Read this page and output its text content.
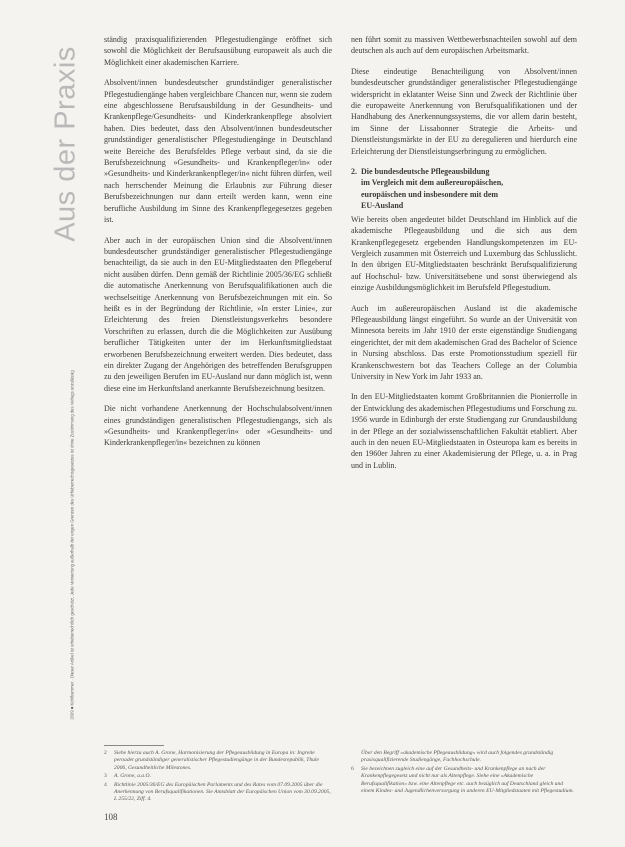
Aus der Praxis
2009 ■ Kohlhammer · Dieser Artikel ist urheberrechtlich geschützt. Jede Verwertung außerhalb der engen Grenzen des Urheberrechtsgesetzes ist ohne Zustimmung des Verlags unzulässig

ständig praxisqualifizierenden Pflegestudiengänge eröffnet sich sowohl die Möglichkeit der Berufsausübung europaweit als auch die Möglichkeit einer akademischen Karriere.

Absolvent/innen bundesdeutscher grundständiger generalistischer Pflegestudiengänge haben vergleichbare Chancen nur, wenn sie zudem eine abgeschlossene Berufsausbildung in der Gesundheits- und Krankenpflege/Gesundheits- und Kinderkrankenpflege absolviert haben. Dies bedeutet, dass den Absolvent/innen bundesdeutscher grundständiger generalistischer Pflegestudiengänge in Deutschland weite Bereiche des Berufsfeldes Pflege verbaut sind, da sie die Berufsbezeichnung »Gesundheits- und Krankenpfleger/in« oder »Gesundheits- und Kinderkrankenpfleger/in« nicht führen dürfen, weil nach herrschender Meinung die Erlaubnis zur Führung dieser Berufsbezeichnungen nur dann erteilt werden kann, wenn eine berufliche Ausbildung im Sinne des Krankenpflegegesetzes gegeben ist.

Aber auch in der europäischen Union sind die Absolvent/innen bundesdeutscher grundständiger generalistischer Pflegestudiengänge benachteiligt, da sie auch in den EU-Mitgliedstaaten den Pflegeberuf nicht ausüben dürfen. Denn gemäß der Richtlinie 2005/36/EG schließt die automatische Anerkennung von Berufsqualifikationen auch die wechselseitige Anerkennung von Berufsbezeichnungen mit ein. So heißt es in der Begründung der Richtlinie, »In erster Linie«, zur Erleichterung des freien Dienstleistungsverkehrs besondere Vorschriften zu erlassen, durch die die Möglichkeiten zur Ausübung beruflicher Tätigkeiten unter der im Herkunftsmitgliedstaat erworbenen Berufsbezeichnung erweitert werden. Dies bedeutet, dass ein direkter Zugang der Angehörigen des betreffenden Berufsgruppen zu den jeweiligen Berufen im EU-Ausland nur dann möglich ist, wenn diese eine im Herkunftsland anerkannte Berufsbezeichnung besitzen.

Die nicht vorhandene Anerkennung der Hochschulabsolvent/innen eines grundständigen generalistischen Pflegestudiengangs, sich als »Gesundheits- und Krankenpfleger/in« oder »Gesundheits- und Kinderkrankenpfleger/in« bezeichnen zu können

nen führt somit zu massiven Wettbewerbsnachteilen sowohl auf dem deutschen als auch auf dem europäischen Arbeitsmarkt.

Diese eindeutige Benachteiligung von Absolvent/innen bundesdeutscher grundständiger generalistischer Pflegestudiengänge widerspricht in eklatanter Weise Sinn und Zweck der Richtlinie über die europaweite Anerkennung von Berufsqualifikationen und der Handhabung des Anerkennungssystems, die vor allem darin besteht, im Sinne der Lissabonner Strategie die Arbeits- und Dienstleistungsmärkte in der EU zu deregulieren und hierdurch eine Erleichterung der Dienstleistungserbringung zu ermöglichen.

2. Die bundesdeutsche Pflegeausbildung
im Vergleich mit dem außereuropäischen,
europäischen und insbesondere mit dem
EU-Ausland

Wie bereits oben angedeutet bildet Deutschland im Hinblick auf die akademische Pflegeausbildung und die sich aus dem Krankenpflegegesetz ergebenden Handlungskompetenzen im EU-Vergleich zusammen mit Österreich und Luxemburg das Schlusslicht. In den übrigen EU-Mitgliedstaaten beschränkt Berufsqualifizierung auf Hochschul- bzw. Universitätsebene und sonst überwiegend als einzige Ausbildungsmöglichkeit im Berufsfeld Pflegestudium.

Auch im außereuropäischen Ausland ist die akademische Pflegeausbildung längst eingeführt. So wurde an der Universität von Minnesota bereits im Jahr 1910 der erste eigenständige Studiengang eingerichtet, der mit dem akademischen Grad des Bachelor of Science in Nursing abschloss. Das erste Promotionsstudium speziell für Krankenschwestern bot das Teachers College an der Columbia University in New York im Jahr 1933 an.

In den EU-Mitgliedstaaten kommt Großbritannien die Pionierrolle in der Entwicklung des akademischen Pflegestudiums und Forschung zu. 1956 wurde in Edinburgh der erste Studiengang zur Grundausbildung in der Pflege an der sozialwissenschaftlichen Fakultät etabliert. Aber auch in den neuen EU-Mitgliedstaaten in Osteuropa kam es bereits in den 1960er Jahren zu einer Akademisierung der Pflege, u. a. in Prag und in Lublin.

2	Siehe hierzu auch A. Grone, Harmonisierung der Pflegeausbildung in Europa in: Ingreite peroadet grundständiger generalistischer Pflegestudiengänge in der Bundesrepublik, Thule 2006, Gesundheitliche Milestones.
3	A. Grone, a.a.O.
4	Richtlinie 2005/36/EG des Europäischen Parlaments und des Rates vom 07.09.2005 über die Anerkennung von Berufsqualifikationen. Sie Amtsblatt der Europäischen Union vom 30.09.2005, L 255/22, Ziff. 4.
Über den Begriff »akademische Pflegeausbildung« wird auch folgendes grundständig praxisqualifizierende Studiengänge, Fachhochschule.
6	Sie bezeichnen zugleich eine auf der Gesundheits- und Krankenpflege an nach der Krankenpflegegesetz und nicht nur als Altenpflege. Siehe eine »Akademische Berufsqualifikation« bzw. eine Altenpflege etc. auch bezüglich auf Deutschland gleich und einem Kindes- und Jugendlichenversorgung in anderen EU-Mitgliedstaaten mit Pflegestudium.
108
